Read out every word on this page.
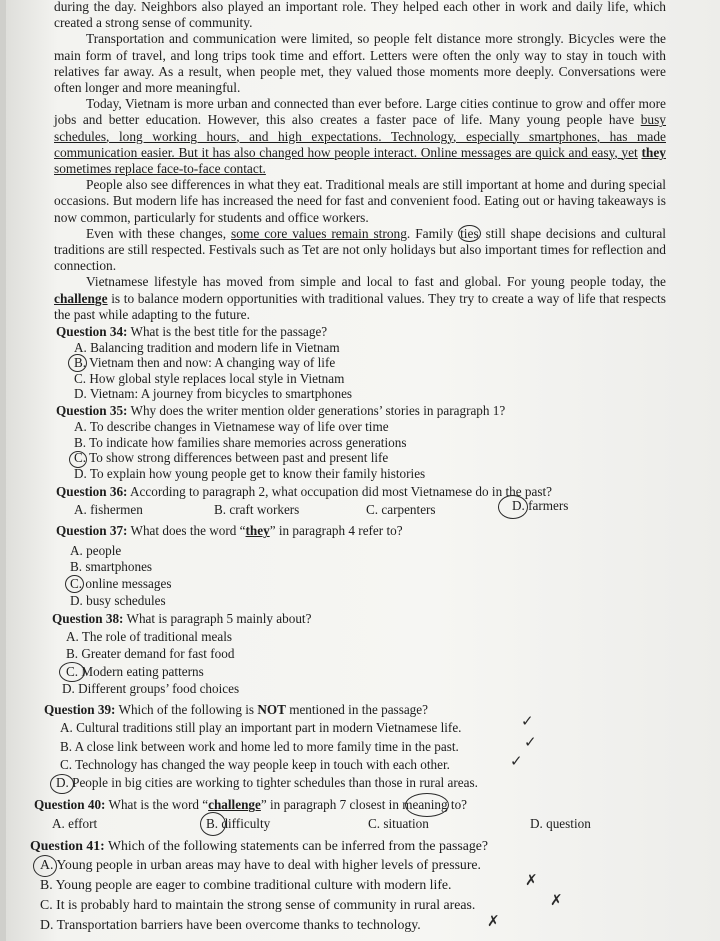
during the day. Neighbors also played an important role. They helped each other in work and daily life, which created a strong sense of community.

Transportation and communication were limited, so people felt distance more strongly. Bicycles were the main form of travel, and long trips took time and effort. Letters were often the only way to stay in touch with relatives far away. As a result, when people met, they valued those moments more deeply. Conversations were often longer and more meaningful.

Today, Vietnam is more urban and connected than ever before. Large cities continue to grow and offer more jobs and better education. However, this also creates a faster pace of life. Many young people have busy schedules, long working hours, and high expectations. Technology, especially smartphones, has made communication easier. But it has also changed how people interact. Online messages are quick and easy, yet they sometimes replace face-to-face contact.

People also see differences in what they eat. Traditional meals are still important at home and during special occasions. But modern life has increased the need for fast and convenient food. Eating out or having takeaways is now common, particularly for students and office workers.

Even with these changes, some core values remain strong. Family ties still shape decisions and cultural traditions are still respected. Festivals such as Tet are not only holidays but also important times for reflection and connection.

Vietnamese lifestyle has moved from simple and local to fast and global. For young people today, the challenge is to balance modern opportunities with traditional values. They try to create a way of life that respects the past while adapting to the future.

Question 34: What is the best title for the passage?
A. Balancing tradition and modern life in Vietnam
B. Vietnam then and now: A changing way of life
C. How global style replaces local style in Vietnam
D. Vietnam: A journey from bicycles to smartphones
Question 35: Why does the writer mention older generations’ stories in paragraph 1?
A. To describe changes in Vietnamese way of life over time
B. To indicate how families share memories across generations
C. To show strong differences between past and present life
D. To explain how young people get to know their family histories
Question 36: According to paragraph 2, what occupation did most Vietnamese do in the past?
A. fishermen	B. craft workers	C. carpenters	D. farmers
Question 37: What does the word “they” in paragraph 4 refer to?
A. people
B. smartphones
C. online messages
D. busy schedules
Question 38: What is paragraph 5 mainly about?
A. The role of traditional meals
B. Greater demand for fast food
C. Modern eating patterns
D. Different groups’ food choices
Question 39: Which of the following is NOT mentioned in the passage?
A. Cultural traditions still play an important part in modern Vietnamese life.	✓
B. A close link between work and home led to more family time in the past.	✓
C. Technology has changed the way people keep in touch with each other.	✓
D. People in big cities are working to tighter schedules than those in rural areas.
Question 40: What is the word “challenge” in paragraph 7 closest in meaning to?
A. effort	B. difficulty	C. situation	D. question
Question 41: Which of the following statements can be inferred from the passage?
A. Young people in urban areas may have to deal with higher levels of pressure.
B. Young people are eager to combine traditional culture with modern life.	✗
C. It is probably hard to maintain the strong sense of community in rural areas.	✗
D. Transportation barriers have been overcome thanks to technology.	✗
